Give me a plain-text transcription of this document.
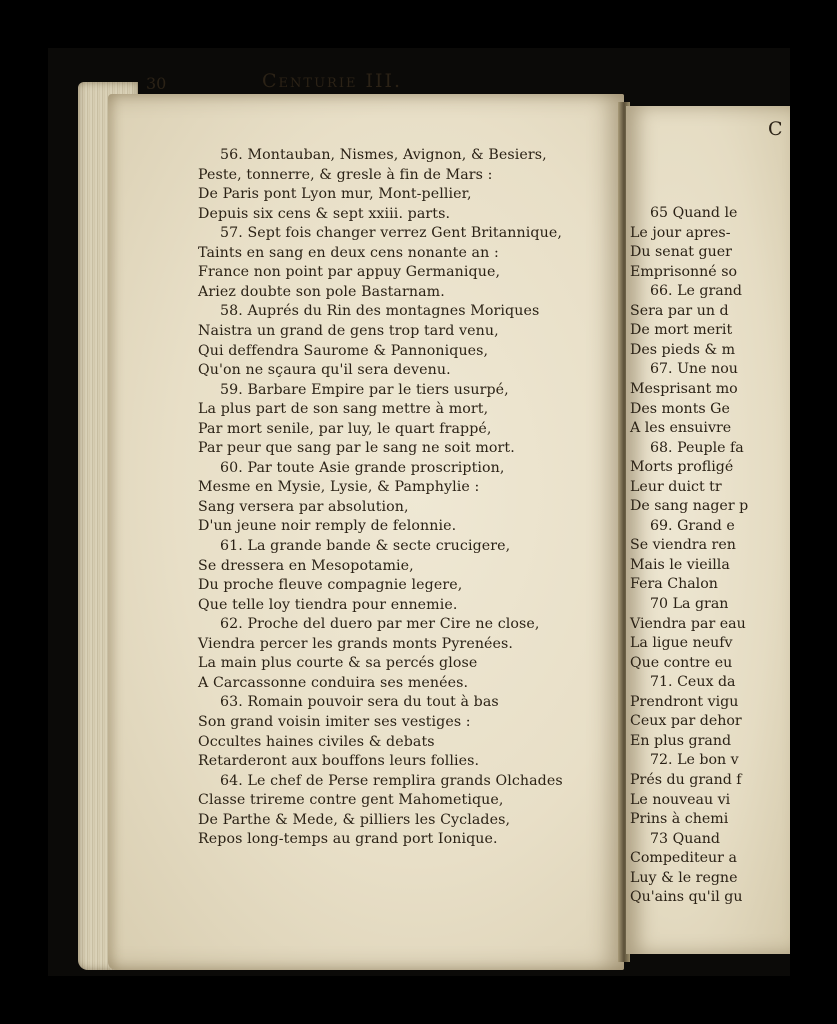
C
65 Quand le
Le jour apres-
Du senat guer
Emprisonné so
66. Le grand
Sera par un d
De mort merit
Des pieds & m
67. Une nou
Mesprisant mo
Des monts Ge
A les ensuivre
68. Peuple fa
Morts profligé
Leur duict tr
De sang nager p
69. Grand e
Se viendra ren
Mais le vieilla
Fera Chalon
70 La gran
Viendra par eau
La ligue neufv
Que contre eu
71. Ceux da
Prendront vigu
Ceux par dehor
En plus grand
72. Le bon v
Prés du grand f
Le nouveau vi
Prins à chemi
73 Quand
Compediteur a
Luy & le regne
Qu'ains qu'il gu
30	Centurie III.
56. Montauban, Nismes, Avignon, & Besiers,
Peste, tonnerre, & gresle à fin de Mars :
De Paris pont Lyon mur, Mont-pellier,
Depuis six cens & sept xxiii. parts.
57. Sept fois changer verrez Gent Britannique,
Taints en sang en deux cens nonante an :
France non point par appuy Germanique,
Ariez doubte son pole Bastarnam.
58. Auprés du Rin des montagnes Moriques
Naistra un grand de gens trop tard venu,
Qui deffendra Saurome & Pannoniques,
Qu'on ne sçaura qu'il sera devenu.
59. Barbare Empire par le tiers usurpé,
La plus part de son sang mettre à mort,
Par mort senile, par luy, le quart frappé,
Par peur que sang par le sang ne soit mort.
60. Par toute Asie grande proscription,
Mesme en Mysie, Lysie, & Pamphylie :
Sang versera par absolution,
D'un jeune noir remply de felonnie.
61. La grande bande & secte crucigere,
Se dressera en Mesopotamie,
Du proche fleuve compagnie legere,
Que telle loy tiendra pour ennemie.
62. Proche del duero par mer Cire ne close,
Viendra percer les grands monts Pyrenées.
La main plus courte & sa percés glose
A Carcassonne conduira ses menées.
63. Romain pouvoir sera du tout à bas
Son grand voisin imiter ses vestiges :
Occultes haines civiles & debats
Retarderont aux bouffons leurs follies.
64. Le chef de Perse remplira grands Olchades
Classe trireme contre gent Mahometique,
De Parthe & Mede, & pilliers les Cyclades,
Repos long-temps au grand port Ionique.
